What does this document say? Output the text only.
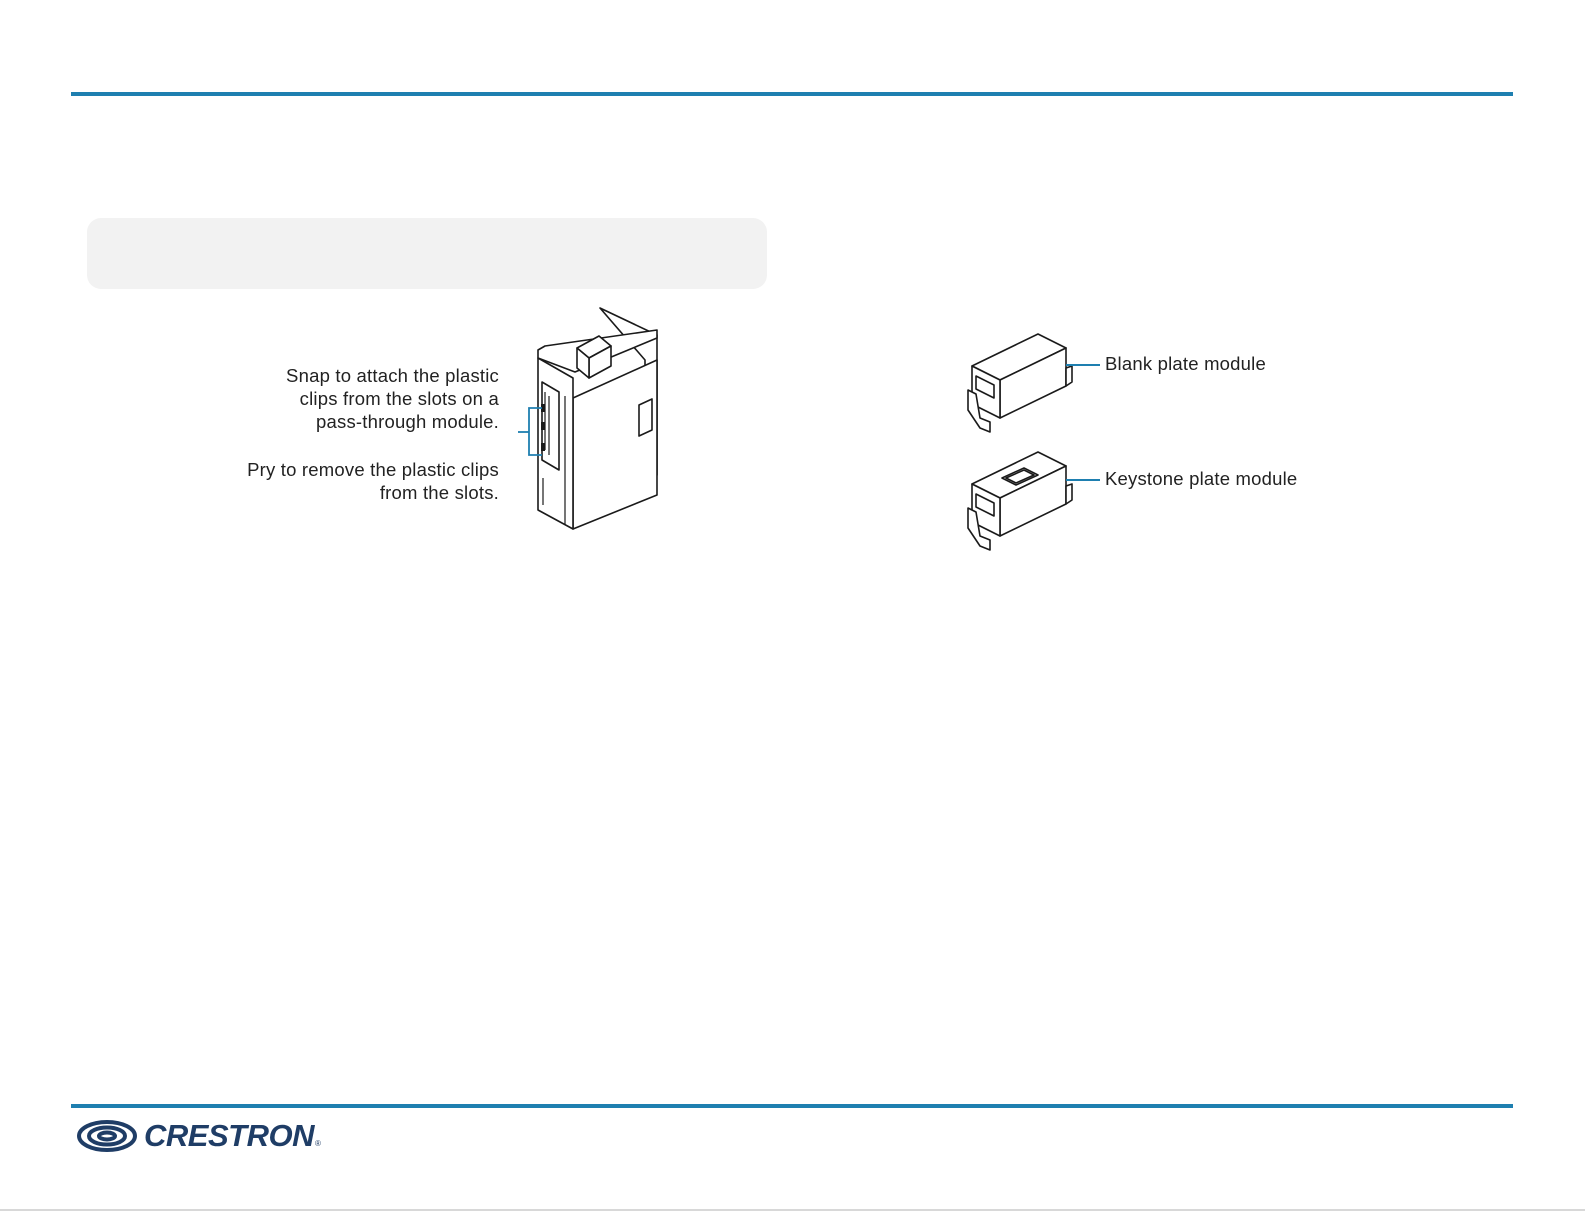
Snap to attach the plastic
clips from the slots on a
pass-through module.
Pry to remove the plastic clips
from the slots.
Blank plate module
Keystone plate module
CRESTRON ®
